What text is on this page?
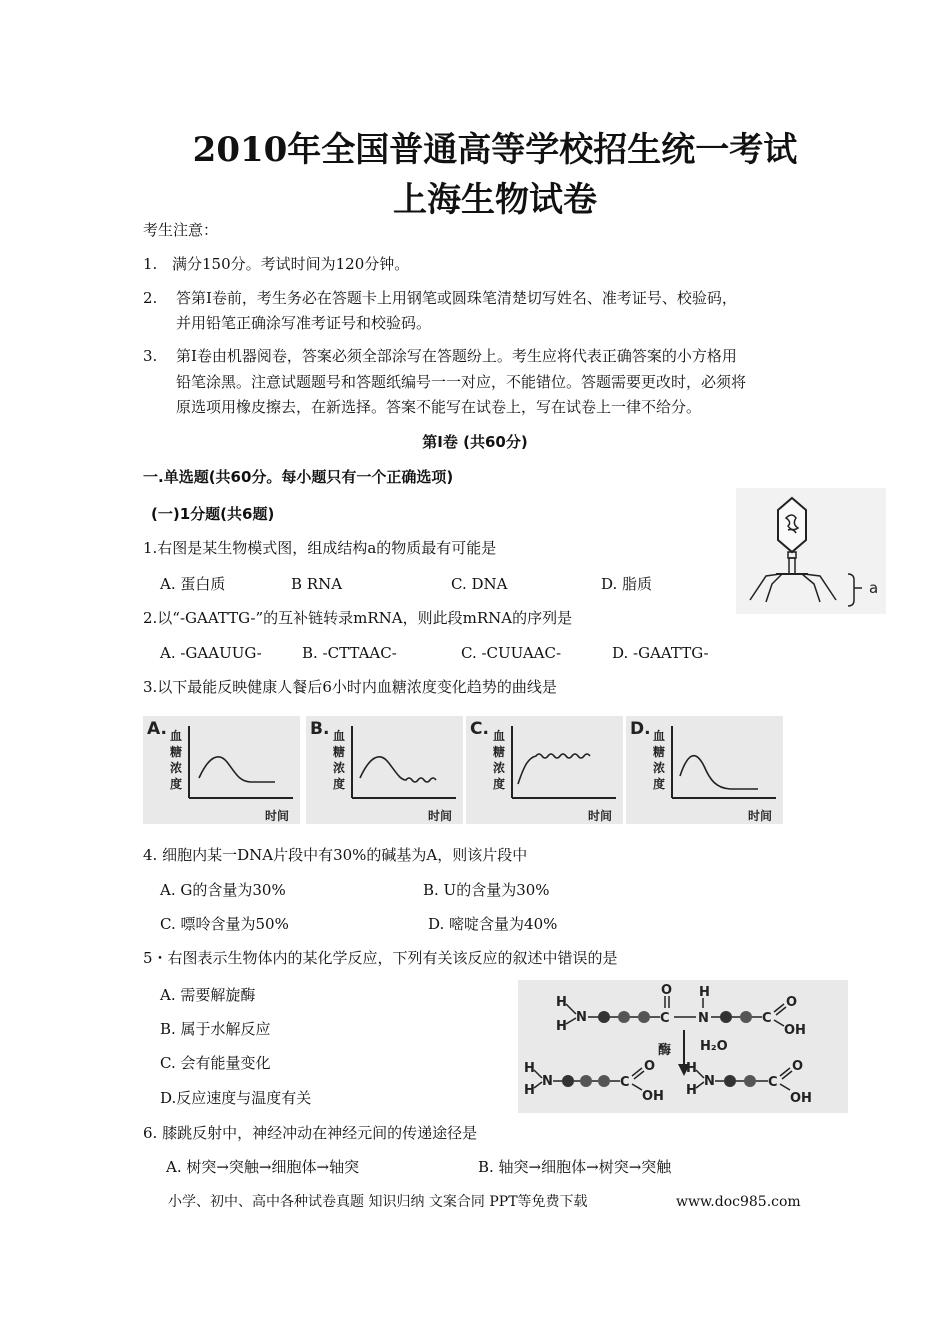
2010年全国普通高等学校招生统一考试
上海生物试卷
考生注意：
1. 满分150分。考试时间为120分钟。
2. 答第Ⅰ卷前，考生务必在答题卡上用钢笔或圆珠笔清楚切写姓名、准考证号、校验码，
并用铅笔正确涂写准考证号和校验码。
3. 第Ⅰ卷由机器阅卷，答案必须全部涂写在答题纷上。考生应将代表正确答案的小方格用
铅笔涂黑。注意试题题号和答题纸编号一一对应，不能错位。答题需要更改时，必须将
原选项用橡皮擦去，在新选择。答案不能写在试卷上，写在试卷上一律不给分。
第Ⅰ卷 (共60分)
一.单选题(共60分。每小题只有一个正确选项)
(一)1分题(共6题)
1.右图是某生物模式图，组成结构a的物质最有可能是
A. 蛋白质	B RNA	C. DNA	D. 脂质	a
2.以“-GAATTG-”的互补链转录mRNA，则此段mRNA的序列是
A. -GAAUUG-	B. -CTTAAC-	C. -CUUAAC-	D. -GAATTG-
3.以下最能反映健康人餐后6小时内血糖浓度变化趋势的曲线是
A. 血
糖
浓
度
时间
B. 血
糖
浓
度
时间
C. 血
糖
浓
度
时间
D. 血
糖
浓
度
时间
4. 细胞内某一DNA片段中有30%的碱基为A，则该片段中
A. G的含量为30%	B. U的含量为30%
C. 嘌呤含量为50%	D. 嘧啶含量为40%
5・右图表示生物体内的某化学反应，下列有关该反应的叙述中错误的是
A. 需要解旋酶
B. 属于水解反应
C. 会有能量变化
D.反应速度与温度有关
H
H
N	C
O
N
H
C
O
OH
酶 H₂O
H
H
N	C
O
OH
H
H
N	C
O
OH
6. 膝跳反射中，神经冲动在神经元间的传递途径是
A. 树突→突触→细胞体→轴突	B. 轴突→细胞体→树突→突触
小学、初中、高中各种试卷真题 知识归纳 文案合同 PPT等免费下载	www.doc985.com
